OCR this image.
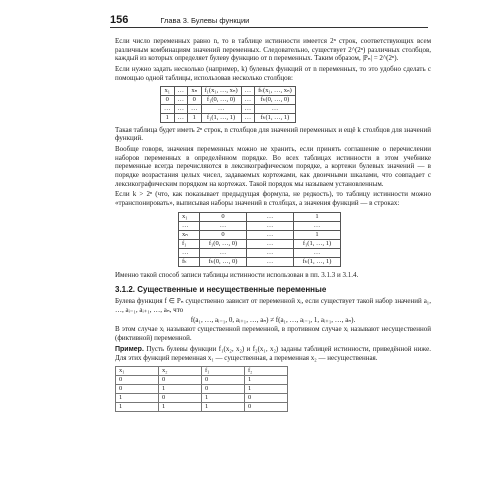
156	Глава 3. Булевы функции

Если число переменных равно n, то в таблице истинности имеется 2ⁿ строк, соответствующих всем различным комбинациям значений переменных. Следовательно, существует 2^(2ⁿ) различных столбцов, каждый из которых определяет булеву функцию от n переменных. Таким образом, |Pₙ| = 2^(2ⁿ).

Если нужно задать несколько (например, k) булевых функций от n переменных, то это удобно сделать с помощью одной таблицы, использовав несколько столбцов:

x₁	…	xₙ	f₁(x₁, …, xₙ)	…	fₖ(x₁, …, xₙ)
0	…	0	f₁(0, …, 0)	…	fₖ(0, …, 0)
…	…	…	…	…	…
1	…	1	f₁(1, …, 1)	…	fₖ(1, …, 1)

Такая таблица будет иметь 2ⁿ строк, n столбцов для значений переменных и ещё k столбцов для значений функций.

Вообще говоря, значения переменных можно не хранить, если принять соглашение о перечислении наборов переменных в определённом порядке. Во всех таблицах истинности в этом учебнике переменные всегда перечисляются в лексикографическом порядке, а кортежи булевых значений — в порядке возрастания целых чисел, задаваемых кортежами, как двоичными шкалами, что совпадает с лексикографическим порядком на кортежах. Такой порядок мы называем установленным.

Если k > 2ⁿ (что, как показывает предыдущая формула, не редкость), то таблицу истинности можно «транспонировать», выписывая наборы значений в столбцах, а значения функций — в строках:

x₁	0	…	1
…	…	…	…
xₙ	0	…	1
f₁	f₁(0, …, 0)	…	f₁(1, …, 1)
…	…	…	…
fₖ	fₖ(0, …, 0)	…	fₖ(1, …, 1)

Именно такой способ записи таблицы истинности использован в пп. 3.1.3 и 3.1.4.

3.1.2. Существенные и несущественные переменные

Булева функция f ∈ Pₙ существенно зависит от переменной xᵢ, если существует такой набор значений a₁, …, aᵢ₋₁, aᵢ₊₁, …, aₙ, что

f(a₁, …, aᵢ₋₁, 0, aᵢ₊₁, …, aₙ) ≠ f(a₁, …, aᵢ₋₁, 1, aᵢ₊₁, …, aₙ).

В этом случае xᵢ называют существенной переменной, в противном случае xᵢ называют несущественной (фиктивной) переменной.

Пример. Пусть булевы функции f₁(x₂, x₂) и f₂(x₁, x₂) заданы таблицей истинности, приведённой ниже. Для этих функций переменная x₁ — существенная, а переменная x₂ — несущественная.

x₁	x₂	f₁	f₂
0	0	0	1
0	1	0	1
1	0	1	0
1	1	1	0
